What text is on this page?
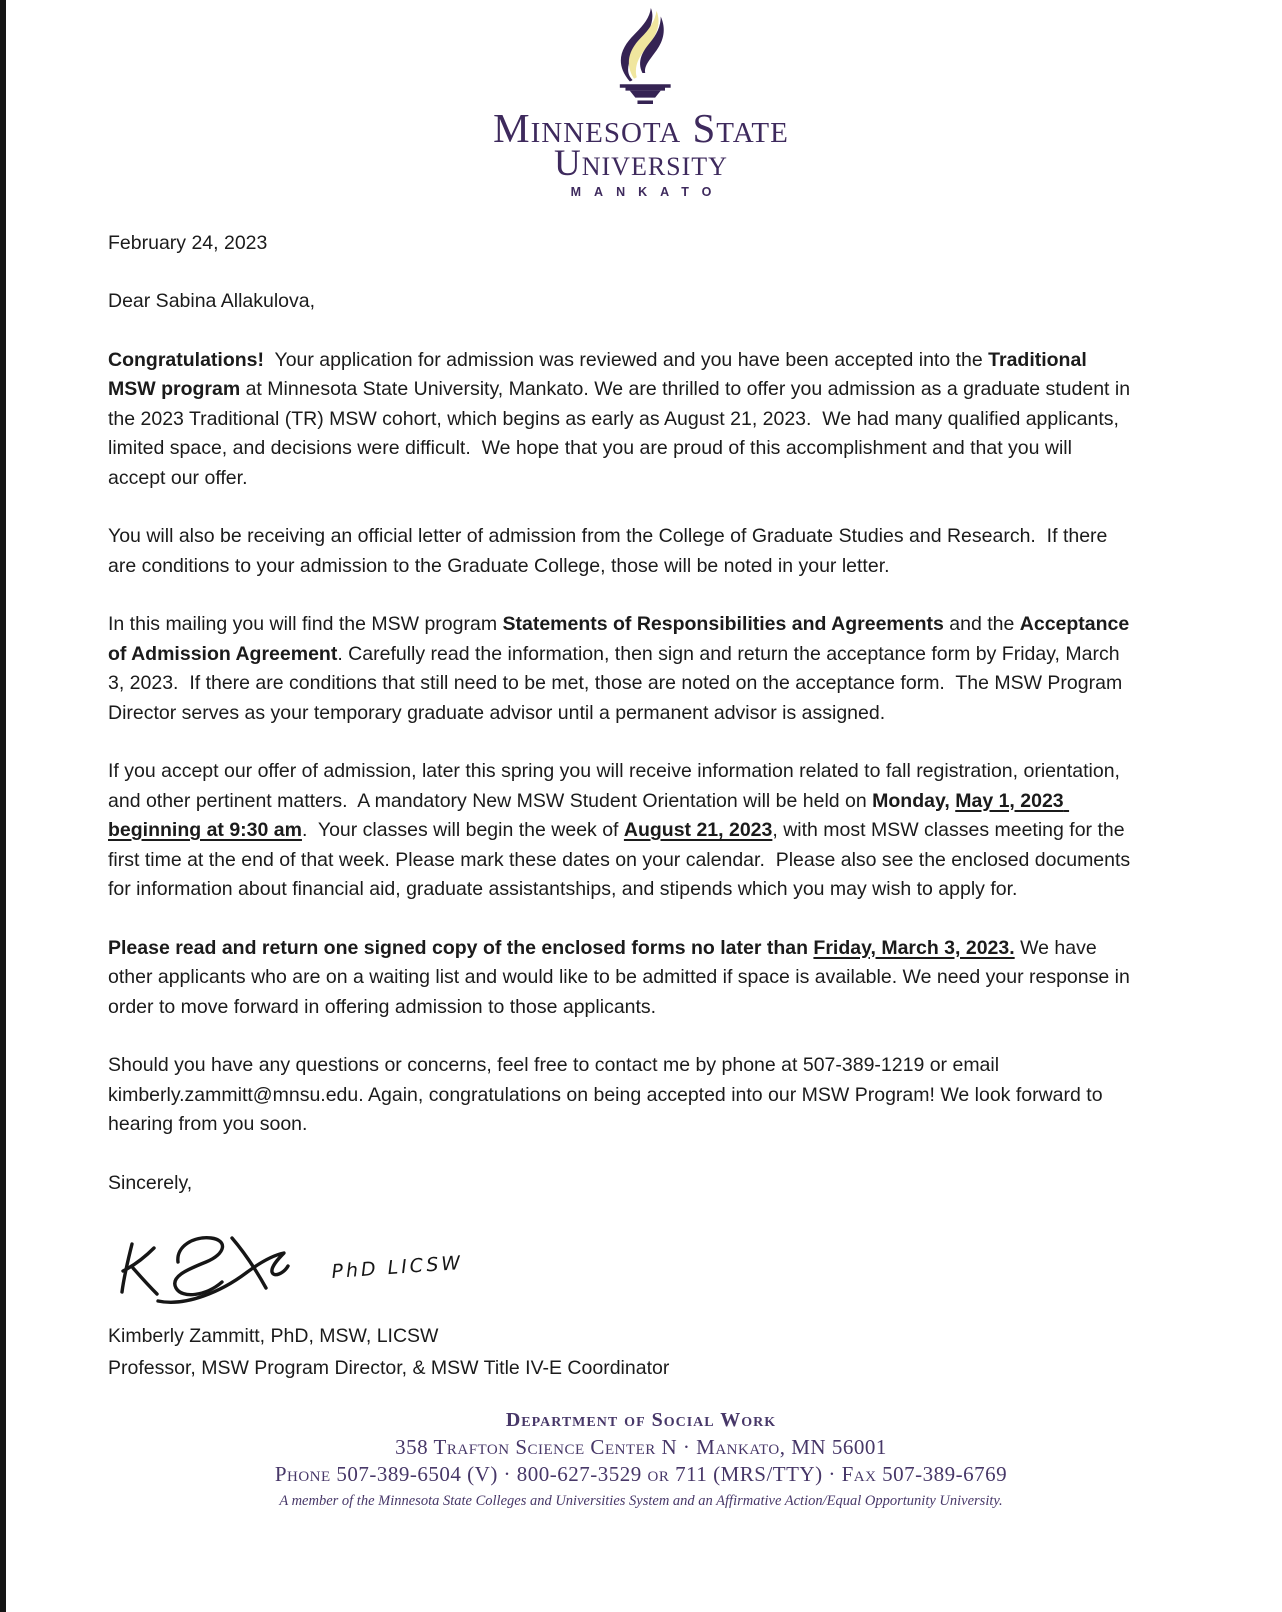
Minnesota State
University
MANKATO

February 24, 2023

Dear Sabina Allakulova,

Congratulations!  Your application for admission was reviewed and you have been accepted into the Traditional MSW program at Minnesota State University, Mankato. We are thrilled to offer you admission as a graduate student in the 2023 Traditional (TR) MSW cohort, which begins as early as August 21, 2023.  We had many qualified applicants, limited space, and decisions were difficult.  We hope that you are proud of this accomplishment and that you will accept our offer.

You will also be receiving an official letter of admission from the College of Graduate Studies and Research.  If there are conditions to your admission to the Graduate College, those will be noted in your letter.

In this mailing you will find the MSW program Statements of Responsibilities and Agreements and the Acceptance of Admission Agreement. Carefully read the information, then sign and return the acceptance form by Friday, March 3, 2023.  If there are conditions that still need to be met, those are noted on the acceptance form.  The MSW Program Director serves as your temporary graduate advisor until a permanent advisor is assigned.

If you accept our offer of admission, later this spring you will receive information related to fall registration, orientation, and other pertinent matters.  A mandatory New MSW Student Orientation will be held on Monday, May 1, 2023 beginning at 9:30 am.  Your classes will begin the week of August 21, 2023, with most MSW classes meeting for the first time at the end of that week. Please mark these dates on your calendar.  Please also see the enclosed documents for information about financial aid, graduate assistantships, and stipends which you may wish to apply for.

Please read and return one signed copy of the enclosed forms no later than Friday, March 3, 2023. We have other applicants who are on a waiting list and would like to be admitted if space is available. We need your response in order to move forward in offering admission to those applicants.

Should you have any questions or concerns, feel free to contact me by phone at 507-389-1219 or email kimberly.zammitt@mnsu.edu. Again, congratulations on being accepted into our MSW Program! We look forward to hearing from you soon.

Sincerely,

PhD LICSW

Kimberly Zammitt, PhD, MSW, LICSW

Professor, MSW Program Director, & MSW Title IV-E Coordinator

Department of Social Work
358 Trafton Science Center N · Mankato, MN 56001
Phone 507-389-6504 (V) · 800-627-3529 or 711 (MRS/TTY) · Fax 507-389-6769
A member of the Minnesota State Colleges and Universities System and an Affirmative Action/Equal Opportunity University.
